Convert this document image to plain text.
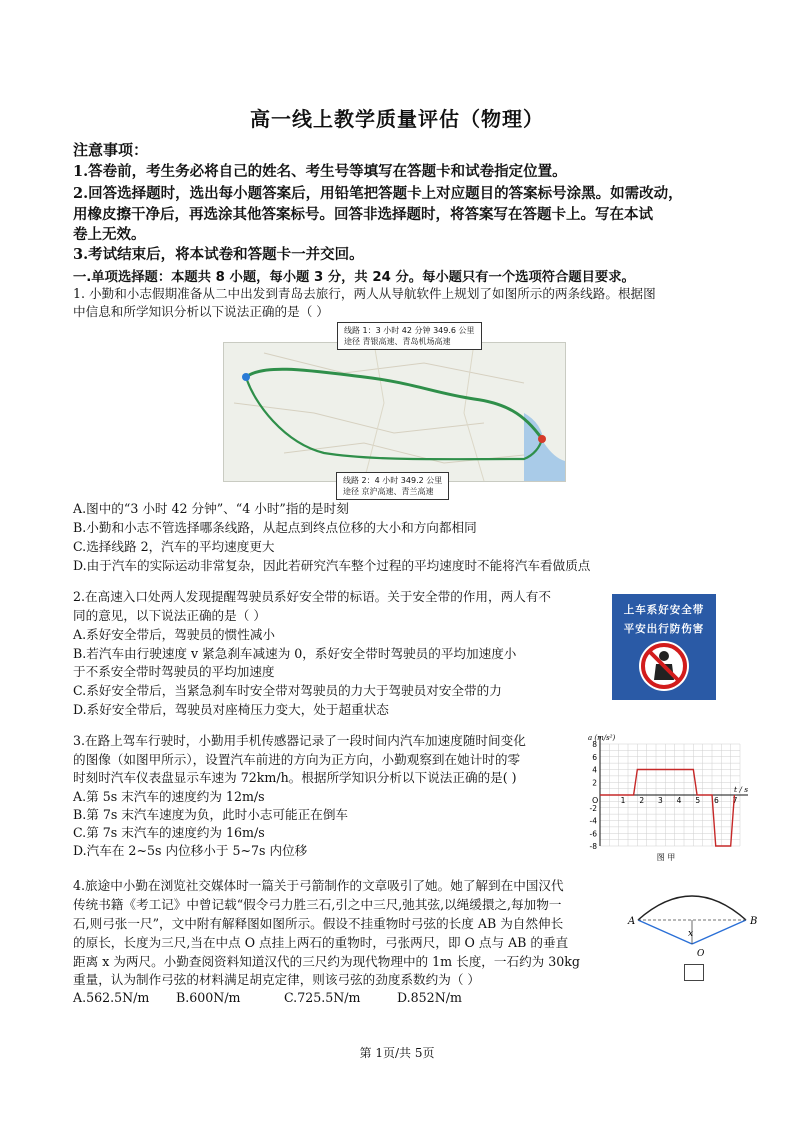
高一线上教学质量评估（物理）
注意事项：
1.答卷前，考生务必将自己的姓名、考生号等填写在答题卡和试卷指定位置。
2.回答选择题时，选出每小题答案后，用铅笔把答题卡上对应题目的答案标号涂黑。如需改动，
用橡皮擦干净后，再选涂其他答案标号。回答非选择题时，将答案写在答题卡上。写在本试
卷上无效。
3.考试结束后，将本试卷和答题卡一并交回。
一.单项选择题：本题共 8 小题，每小题 3 分，共 24 分。每小题只有一个选项符合题目要求。
1. 小勤和小志假期准备从二中出发到青岛去旅行，两人从导航软件上规划了如图所示的两条线路。根据图
中信息和所学知识分析以下说法正确的是（ ）
线路 1：3 小时 42 分钟 349.6 公里
途径 青银高速、青岛机场高速
线路 2：4 小时 349.2 公里
途径 京沪高速、青兰高速
A.图中的“3 小时 42 分钟”、“4 小时”指的是时刻
B.小勤和小志不管选择哪条线路，从起点到终点位移的大小和方向都相同
C.选择线路 2，汽车的平均速度更大
D.由于汽车的实际运动非常复杂，因此若研究汽车整个过程的平均速度时不能将汽车看做质点
2.在高速入口处两人发现提醒驾驶员系好安全带的标语。关于安全带的作用，两人有不
同的意见，以下说法正确的是（ ）
A.系好安全带后，驾驶员的惯性减小
B.若汽车由行驶速度 v 紧急刹车减速为 0，系好安全带时驾驶员的平均加速度小
于不系安全带时驾驶员的平均加速度
C.系好安全带后，当紧急刹车时安全带对驾驶员的力大于驾驶员对安全带的力
D.系好安全带后，驾驶员对座椅压力变大，处于超重状态
上车系好安全带
平安出行防伤害
3.在路上驾车行驶时，小勤用手机传感器记录了一段时间内汽车加速度随时间变化
的图像（如图甲所示），设置汽车前进的方向为正方向，小勤观察到在她计时的零
时刻时汽车仪表盘显示车速为 72km/h。根据所学知识分析以下说法正确的是( )
A.第 5s 末汽车的速度约为 12m/s
B.第 7s 末汽车速度为负，此时小志可能正在倒车
C.第 7s 末汽车的速度约为 16m/s
D.汽车在 2~5s 内位移小于 5~7s 内位移
8
6
4
2
-2
-4
-6
-8
1 2 3 4 5 6 7
O
a (m/s²)
t / s
图 甲
4.旅途中小勤在浏览社交媒体时一篇关于弓箭制作的文章吸引了她。她了解到在中国汉代
传统书籍《考工记》中曾记载“假令弓力胜三石,引之中三尺,弛其弦,以绳缓擐之,每加物一
石,则弓张一尺”，文中附有解释图如图所示。假设不挂重物时弓弦的长度 AB 为自然伸长
的原长，长度为三尺,当在中点 O 点挂上两石的重物时，弓张两尺，即 O 点与 AB 的垂直
距离 x 为两尺。小勤查阅资料知道汉代的三尺约为现代物理中的 1m 长度，一石约为 30kg
重量，认为制作弓弦的材料满足胡克定律，则该弓弦的劲度系数约为（ ）
A.562.5N/m B.600N/m	C.725.5N/m	D.852N/m
A	B
x
O
第 1页/共 5页
